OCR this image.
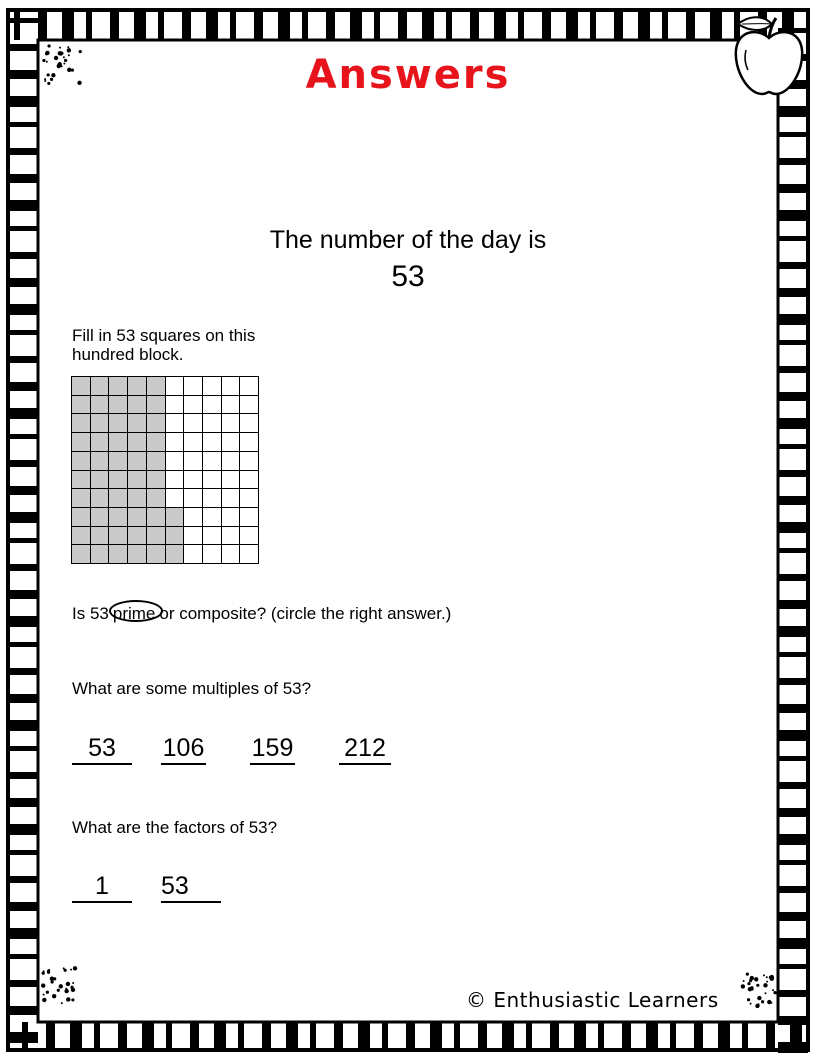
Answers
The number of the day is
53
Fill in 53 squares on this hundred block.
Is 53 prime or composite? (circle the right answer.)
What are some multiples of 53?
53	106 159 212
What are the factors of 53?
1	53
© Enthusiastic Learners
